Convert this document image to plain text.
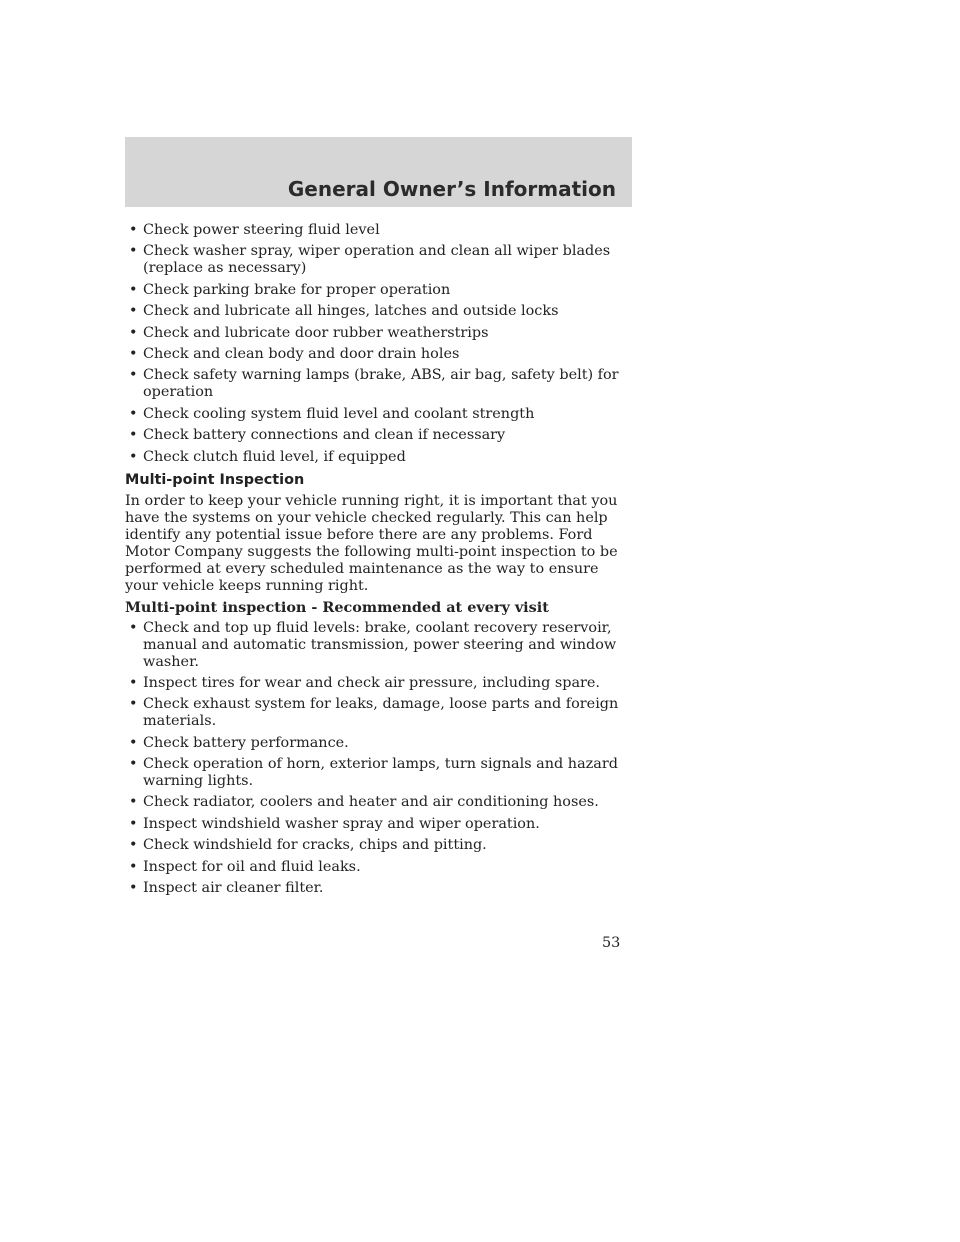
General Owner’s Information
• Check power steering fluid level
• Check washer spray, wiper operation and clean all wiper blades (replace as necessary)
• Check parking brake for proper operation
• Check and lubricate all hinges, latches and outside locks
• Check and lubricate door rubber weatherstrips
• Check and clean body and door drain holes
• Check safety warning lamps (brake, ABS, air bag, safety belt) for operation
• Check cooling system fluid level and coolant strength
• Check battery connections and clean if necessary
• Check clutch fluid level, if equipped
Multi-point Inspection

In order to keep your vehicle running right, it is important that you have the systems on your vehicle checked regularly. This can help identify any potential issue before there are any problems. Ford Motor Company suggests the following multi-point inspection to be performed at every scheduled maintenance as the way to ensure your vehicle keeps running right.

Multi-point inspection - Recommended at every visit
• Check and top up fluid levels: brake, coolant recovery reservoir, manual and automatic transmission, power steering and window washer.
• Inspect tires for wear and check air pressure, including spare.
• Check exhaust system for leaks, damage, loose parts and foreign materials.
• Check battery performance.
• Check operation of horn, exterior lamps, turn signals and hazard warning lights.
• Check radiator, coolers and heater and air conditioning hoses.
• Inspect windshield washer spray and wiper operation.
• Check windshield for cracks, chips and pitting.
• Inspect for oil and fluid leaks.
• Inspect air cleaner filter.
53
